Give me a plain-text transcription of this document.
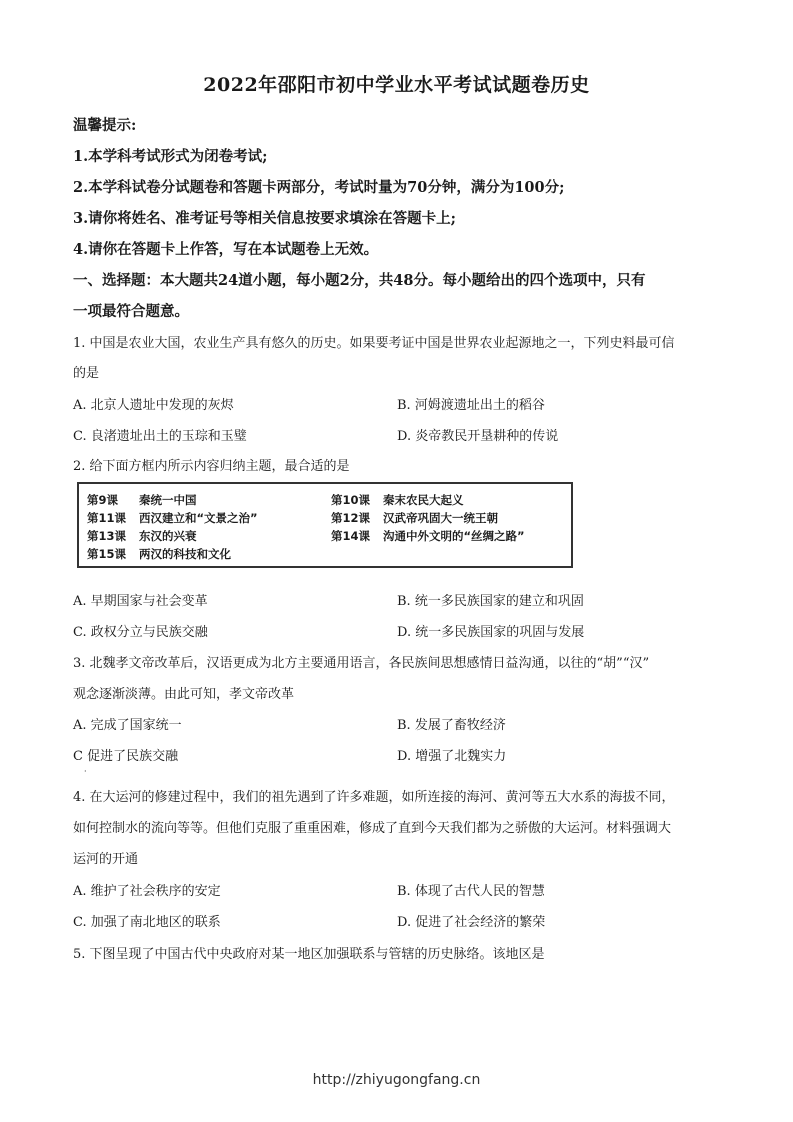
2022年邵阳市初中学业水平考试试题卷历史
温馨提示:
1.本学科考试形式为闭卷考试;
2.本学科试卷分试题卷和答题卡两部分，考试时量为70分钟，满分为100分;
3.请你将姓名、准考证号等相关信息按要求填涂在答题卡上;
4.请你在答题卡上作答，写在本试题卷上无效。
一、选择题：本大题共24道小题，每小题2分，共48分。每小题给出的四个选项中，只有
一项最符合题意。
1. 中国是农业大国，农业生产具有悠久的历史。如果要考证中国是世界农业起源地之一，下列史料最可信
的是
A. 北京人遗址中发现的灰烬	B. 河姆渡遗址出土的稻谷
C. 良渚遗址出土的玉琮和玉璧	D. 炎帝教民开垦耕种的传说
2. 给下面方框内所示内容归纳主题，最合适的是
第9课 秦统一中国	第10课 秦末农民大起义
第11课 西汉建立和“文景之治”	第12课 汉武帝巩固大一统王朝
第13课 东汉的兴衰	第14课 沟通中外文明的“丝绸之路”
第15课 两汉的科技和文化
A. 早期国家与社会变革	B. 统一多民族国家的建立和巩固
C. 政权分立与民族交融	D. 统一多民族国家的巩固与发展
3. 北魏孝文帝改革后，汉语更成为北方主要通用语言，各民族间思想感情日益沟通，以往的“胡”“汉”
观念逐渐淡薄。由此可知，孝文帝改革
A. 完成了国家统一	B. 发展了畜牧经济
C 促进了民族交融	D. 增强了北魏实力
·
4. 在大运河的修建过程中，我们的祖先遇到了许多难题，如所连接的海河、黄河等五大水系的海拔不同，
如何控制水的流向等等。但他们克服了重重困难，修成了直到今天我们都为之骄傲的大运河。材料强调大
运河的开通
A. 维护了社会秩序的安定	B. 体现了古代人民的智慧
C. 加强了南北地区的联系	D. 促进了社会经济的繁荣
5. 下图呈现了中国古代中央政府对某一地区加强联系与管辖的历史脉络。该地区是
http://zhiyugongfang.cn
